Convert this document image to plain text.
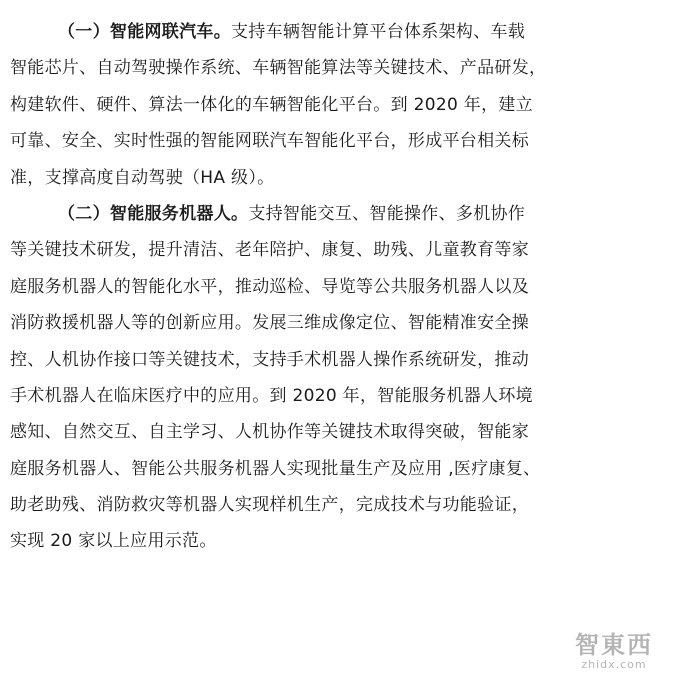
（一）智能网联汽车。支持车辆智能计算平台体系架构、车载
智能芯片、自动驾驶操作系统、车辆智能算法等关键技术、产品研发，
构建软件、硬件、算法一体化的车辆智能化平台。到 2020 年，建立
可靠、安全、实时性强的智能网联汽车智能化平台，形成平台相关标
准，支撑高度自动驾驶（HA 级）。
（二）智能服务机器人。支持智能交互、智能操作、多机协作
等关键技术研发，提升清洁、老年陪护、康复、助残、儿童教育等家
庭服务机器人的智能化水平，推动巡检、导览等公共服务机器人以及
消防救援机器人等的创新应用。发展三维成像定位、智能精准安全操
控、人机协作接口等关键技术，支持手术机器人操作系统研发，推动
手术机器人在临床医疗中的应用。到 2020 年，智能服务机器人环境
感知、自然交互、自主学习、人机协作等关键技术取得突破，智能家
庭服务机器人、智能公共服务机器人实现批量生产及应用 ,医疗康复、
助老助残、消防救灾等机器人实现样机生产，完成技术与功能验证，
实现 20 家以上应用示范。
智東西
zhidx.com
